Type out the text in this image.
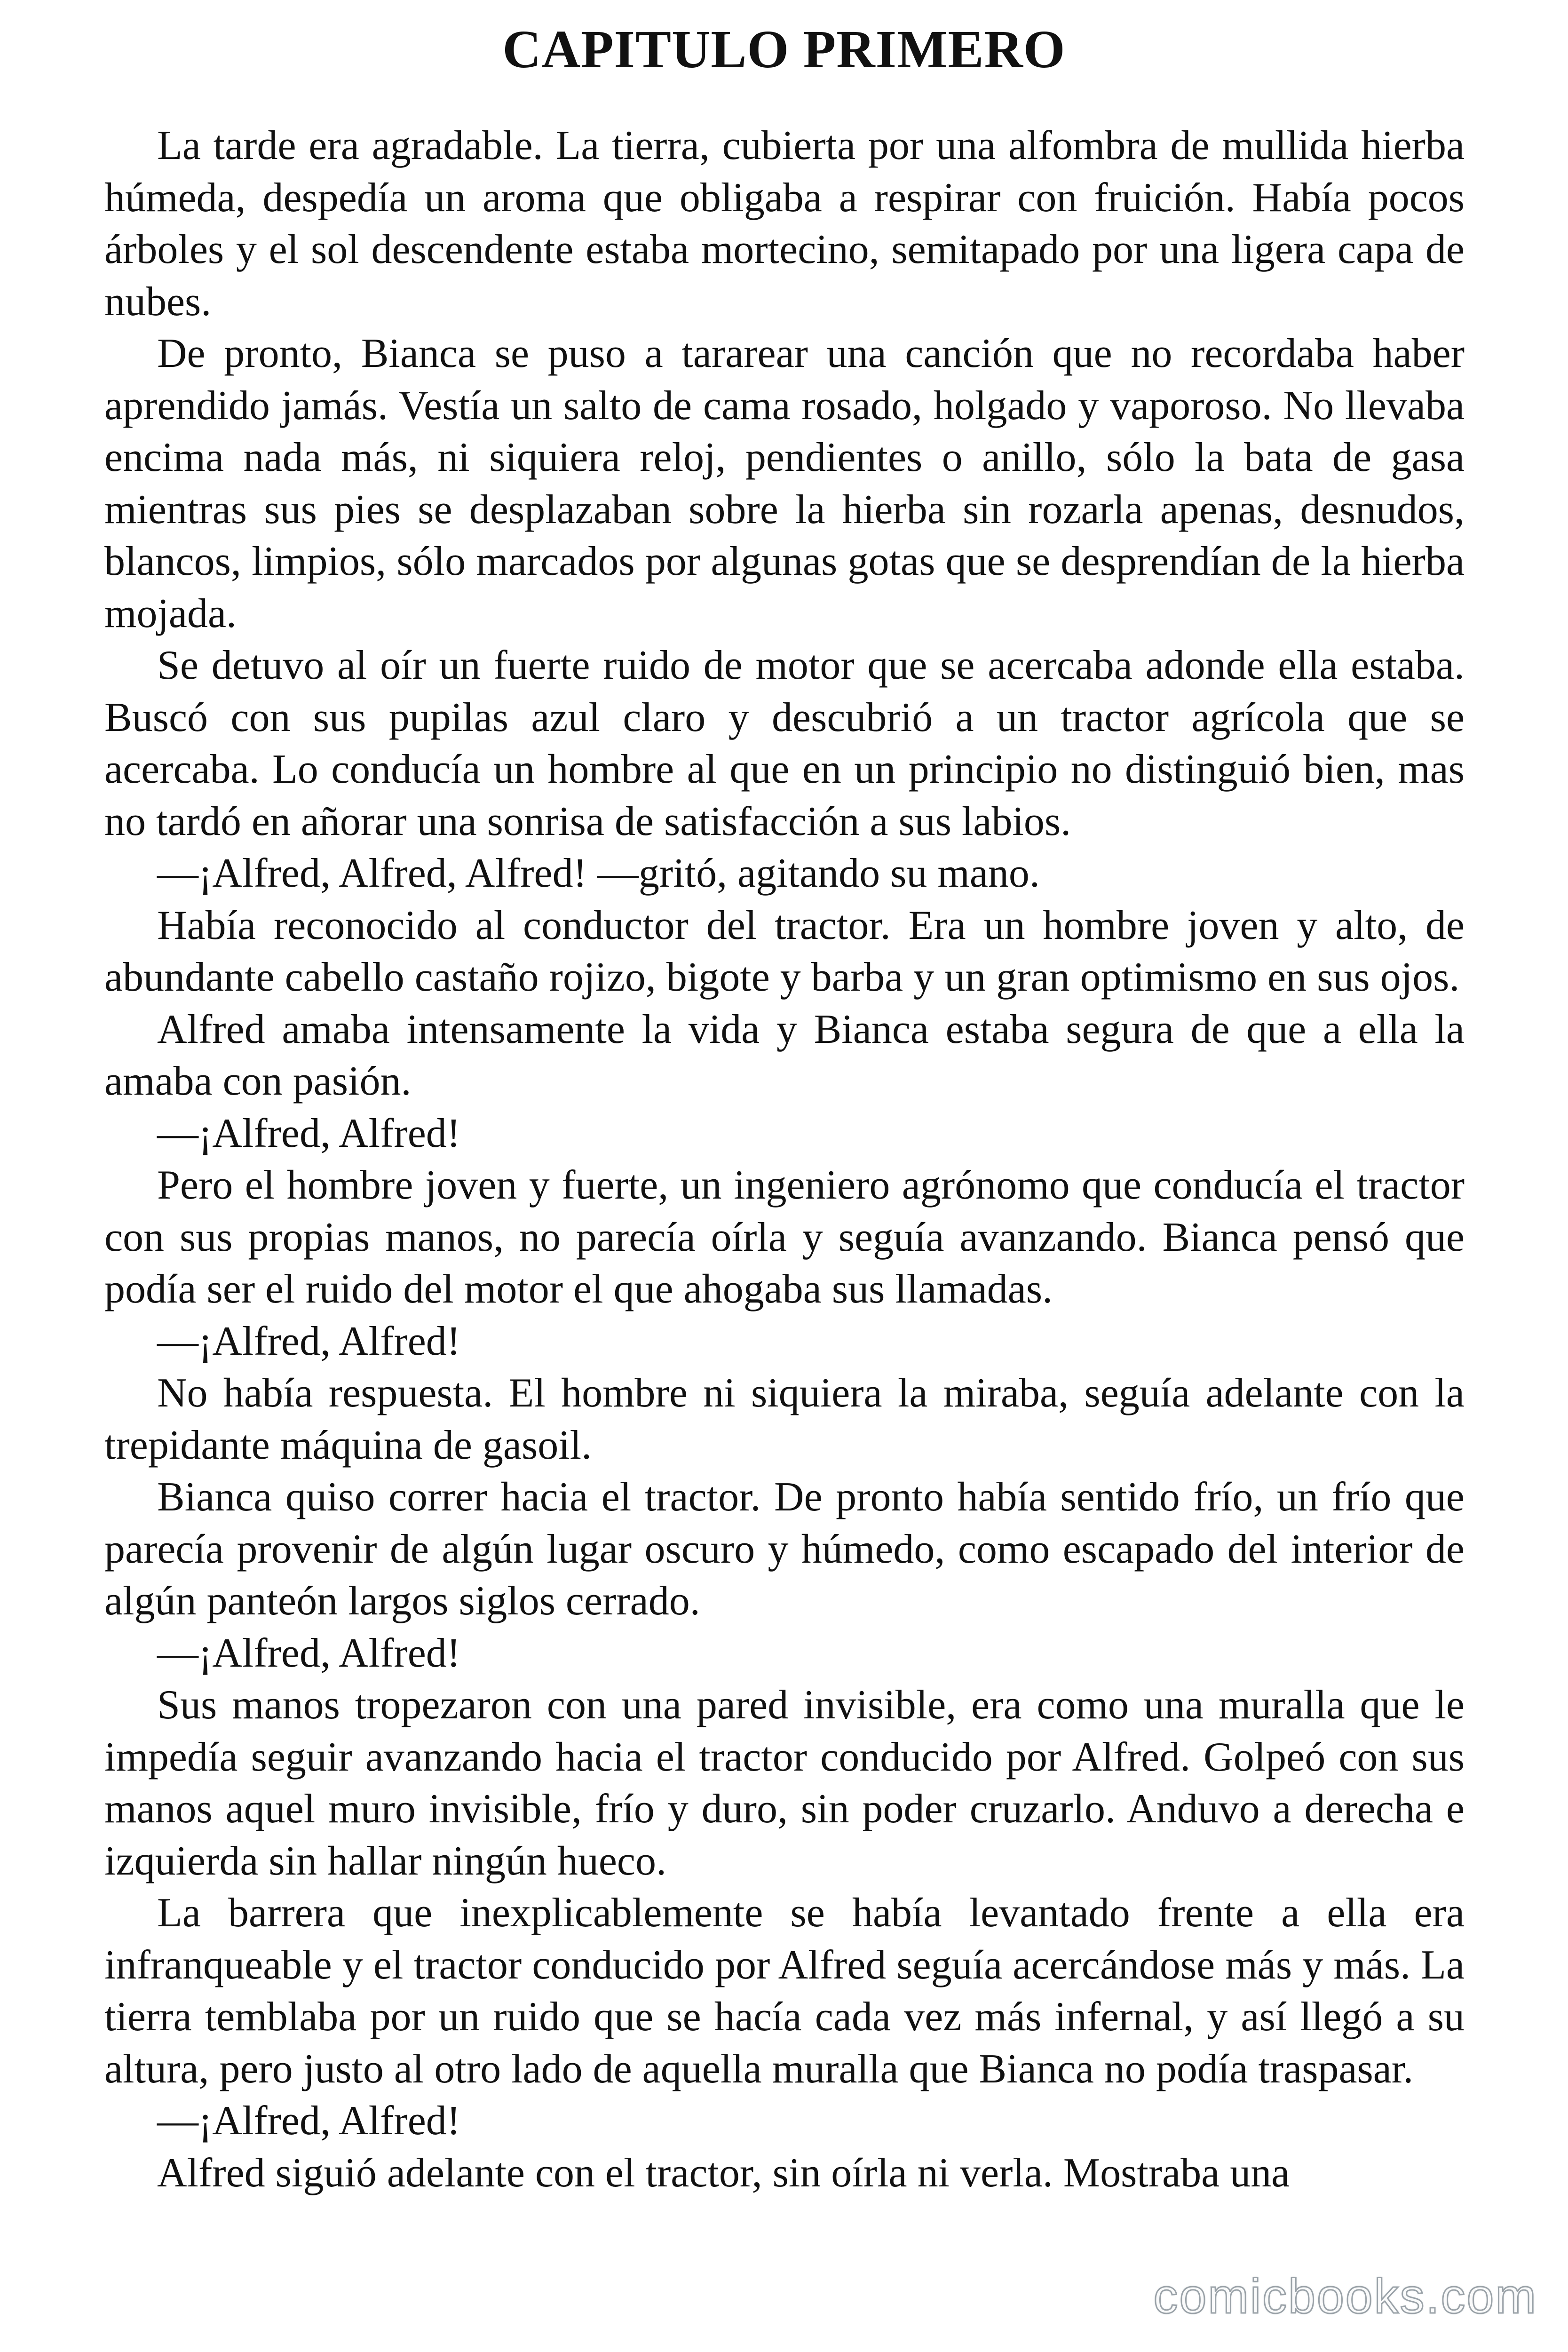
CAPITULO PRIMERO

La tarde era agradable. La tierra, cubierta por una alfombra de mullida hierba húmeda, despedía un aroma que obligaba a respirar con fruición. Había pocos árboles y el sol descendente estaba mortecino, semitapado por una ligera capa de nubes.

De pronto, Bianca se puso a tararear una canción que no recordaba haber aprendido jamás. Vestía un salto de cama rosado, holgado y vaporoso. No llevaba encima nada más, ni siquiera reloj, pendientes o anillo, sólo la bata de gasa mientras sus pies se desplazaban sobre la hierba sin rozarla apenas, desnudos, blancos, limpios, sólo marcados por algunas gotas que se desprendían de la hierba mojada.

Se detuvo al oír un fuerte ruido de motor que se acercaba adonde ella estaba. Buscó con sus pupilas azul claro y descubrió a un tractor agrícola que se acercaba. Lo conducía un hombre al que en un principio no distinguió bien, mas no tardó en añorar una sonrisa de satisfacción a sus labios.

—¡Alfred, Alfred, Alfred! —gritó, agitando su mano.

Había reconocido al conductor del tractor. Era un hombre joven y alto, de abundante cabello castaño rojizo, bigote y barba y un gran optimismo en sus ojos.

Alfred amaba intensamente la vida y Bianca estaba segura de que a ella la amaba con pasión.

—¡Alfred, Alfred!

Pero el hombre joven y fuerte, un ingeniero agrónomo que conducía el tractor con sus propias manos, no parecía oírla y seguía avanzando. Bianca pensó que podía ser el ruido del motor el que ahogaba sus llamadas.

—¡Alfred, Alfred!

No había respuesta. El hombre ni siquiera la miraba, seguía adelante con la trepidante máquina de gasoil.

Bianca quiso correr hacia el tractor. De pronto había sentido frío, un frío que parecía provenir de algún lugar oscuro y húmedo, como escapado del interior de algún panteón largos siglos cerrado.

—¡Alfred, Alfred!

Sus manos tropezaron con una pared invisible, era como una muralla que le impedía seguir avanzando hacia el tractor conducido por Alfred. Golpeó con sus manos aquel muro invisible, frío y duro, sin poder cruzarlo. Anduvo a derecha e izquierda sin hallar ningún hueco.

La barrera que inexplicablemente se había levantado frente a ella era infranqueable y el tractor conducido por Alfred seguía acercándose más y más. La tierra temblaba por un ruido que se hacía cada vez más infernal, y así llegó a su altura, pero justo al otro lado de aquella muralla que Bianca no podía traspasar.

—¡Alfred, Alfred!

Alfred siguió adelante con el tractor, sin oírla ni verla. Mostraba una

comicbooks.com
